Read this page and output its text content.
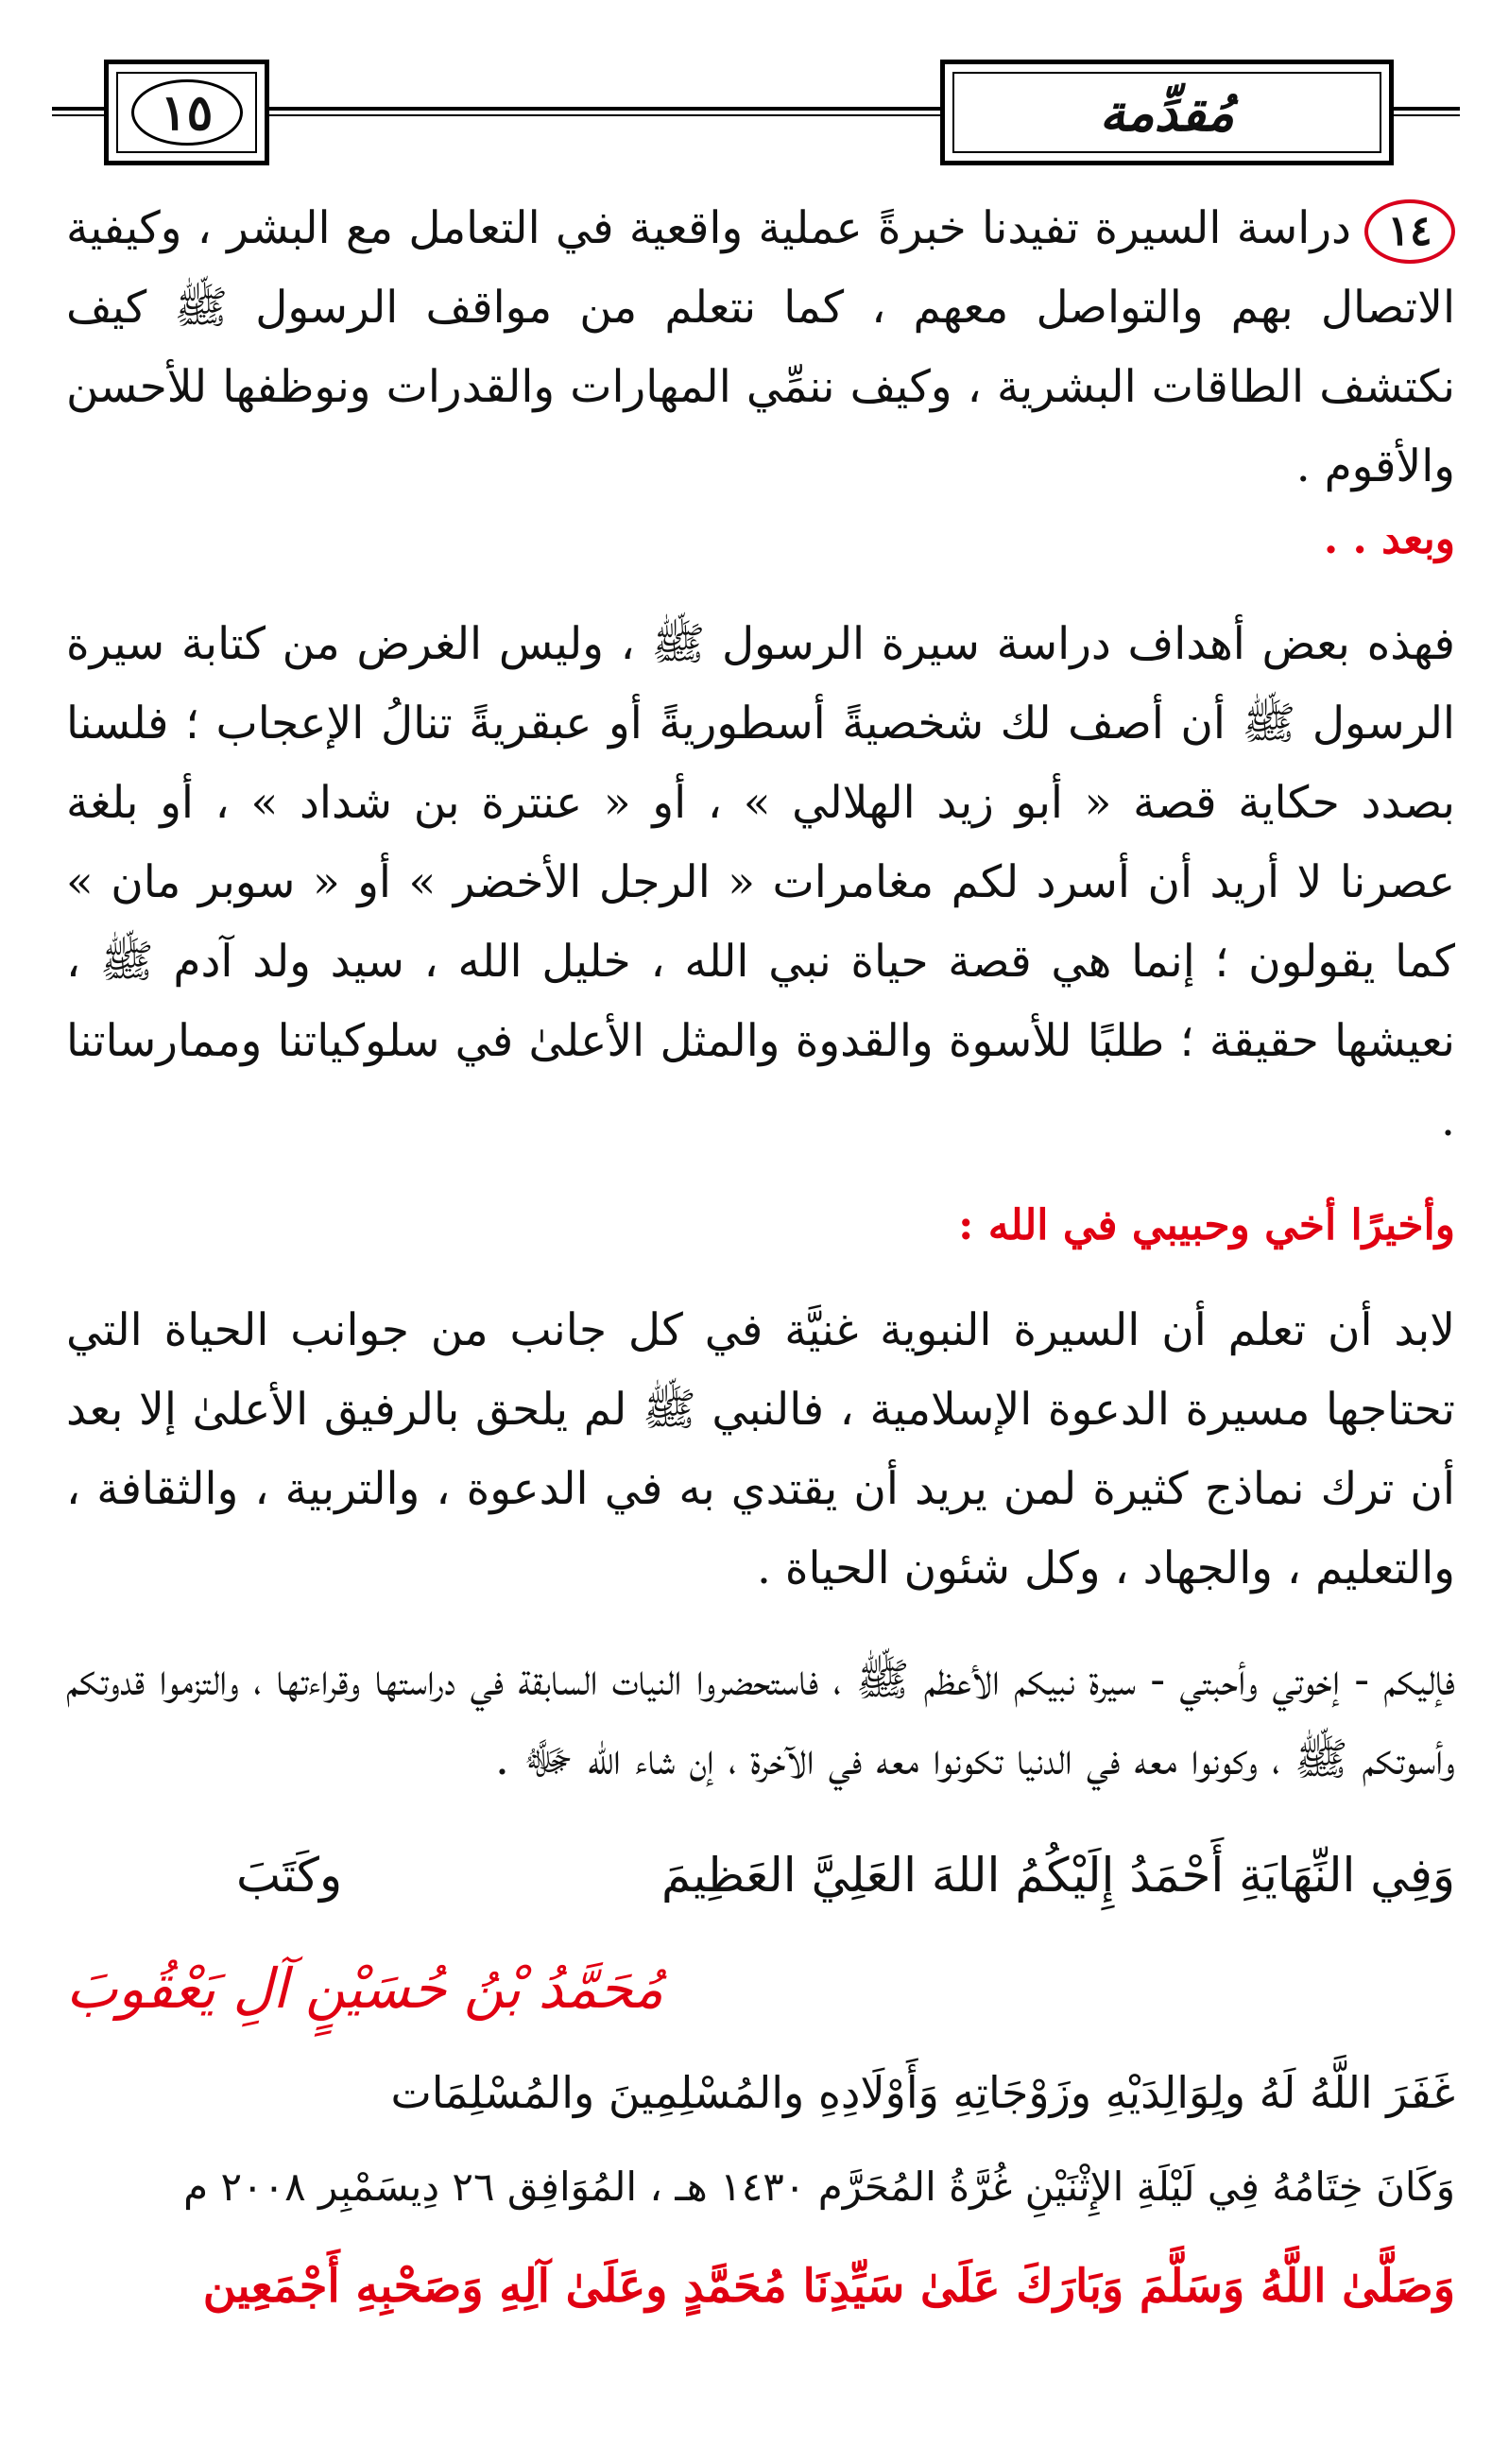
١٥	مُقدِّمة

١٤دراسة السيرة تفيدنا خبرةً عملية واقعية في التعامل مع البشر ، وكيفية الاتصال بهم والتواصل معهم ، كما نتعلم من مواقف الرسول ﷺ كيف نكتشف الطاقات البشرية ، وكيف ننمِّي المهارات والقدرات ونوظفها للأحسن والأقوم .

وبعد . .

فهذه بعض أهداف دراسة سيرة الرسول ﷺ ، وليس الغرض من كتابة سيرة الرسول ﷺ أن أصف لك شخصيةً أسطوريةً أو عبقريةً تنالُ الإعجاب ؛ فلسنا بصدد حكاية قصة « أبو زيد الهلالي » ، أو « عنترة بن شداد » ، أو بلغة عصرنا لا أريد أن أسرد لكم مغامرات « الرجل الأخضر » أو « سوبر مان » كما يقولون ؛ إنما هي قصة حياة نبي الله ، خليل الله ، سيد ولد آدم ﷺ ، نعيشها حقيقة ؛ طلبًا للأسوة والقدوة والمثل الأعلىٰ في سلوكياتنا وممارساتنا .

وأخيرًا أخي وحبيبي في الله :

لابد أن تعلم أن السيرة النبوية غنيَّة في كل جانب من جوانب الحياة التي تحتاجها مسيرة الدعوة الإسلامية ، فالنبي ﷺ لم يلحق بالرفيق الأعلىٰ إلا بعد أن ترك نماذج كثيرة لمن يريد أن يقتدي به في الدعوة ، والتربية ، والثقافة ، والتعليم ، والجهاد ، وكل شئون الحياة .

فإليكم - إخوتي وأحبتي - سيرة نبيكم الأعظم ﷺ ، فاستحضروا النيات السابقة في دراستها وقراءتها ، والتزموا قدوتكم وأسوتكم ﷺ ، وكونوا معه في الدنيا تكونوا معه في الآخرة ، إن شاء الله ﷻ .

وَفِي النِّهَايَةِ أَحْمَدُ إِلَيْكُمُ اللهَ العَلِيَّ العَظِيمَ
وكَتَبَ

مُحَمَّدُ بْنُ حُسَيْنٍ آلِ يَعْقُوبَ

غَفَرَ اللَّهُ لَهُ ولِوَالِدَيْهِ وزَوْجَاتِهِ وَأَوْلَادِهِ والمُسْلِمِينَ والمُسْلِمَات

وَكَانَ خِتَامُهُ فِي لَيْلَةِ الإِثْنَيْنِ غُرَّةُ المُحَرَّم ١٤٣٠ هـ ، المُوَافِق ٢٦ دِيسَمْبِر ٢٠٠٨ م

وَصَلَّىٰ اللَّهُ وَسَلَّمَ وَبَارَكَ عَلَىٰ سَيِّدِنَا مُحَمَّدٍ وعَلَىٰ آلِهِ وَصَحْبِهِ أَجْمَعِين
